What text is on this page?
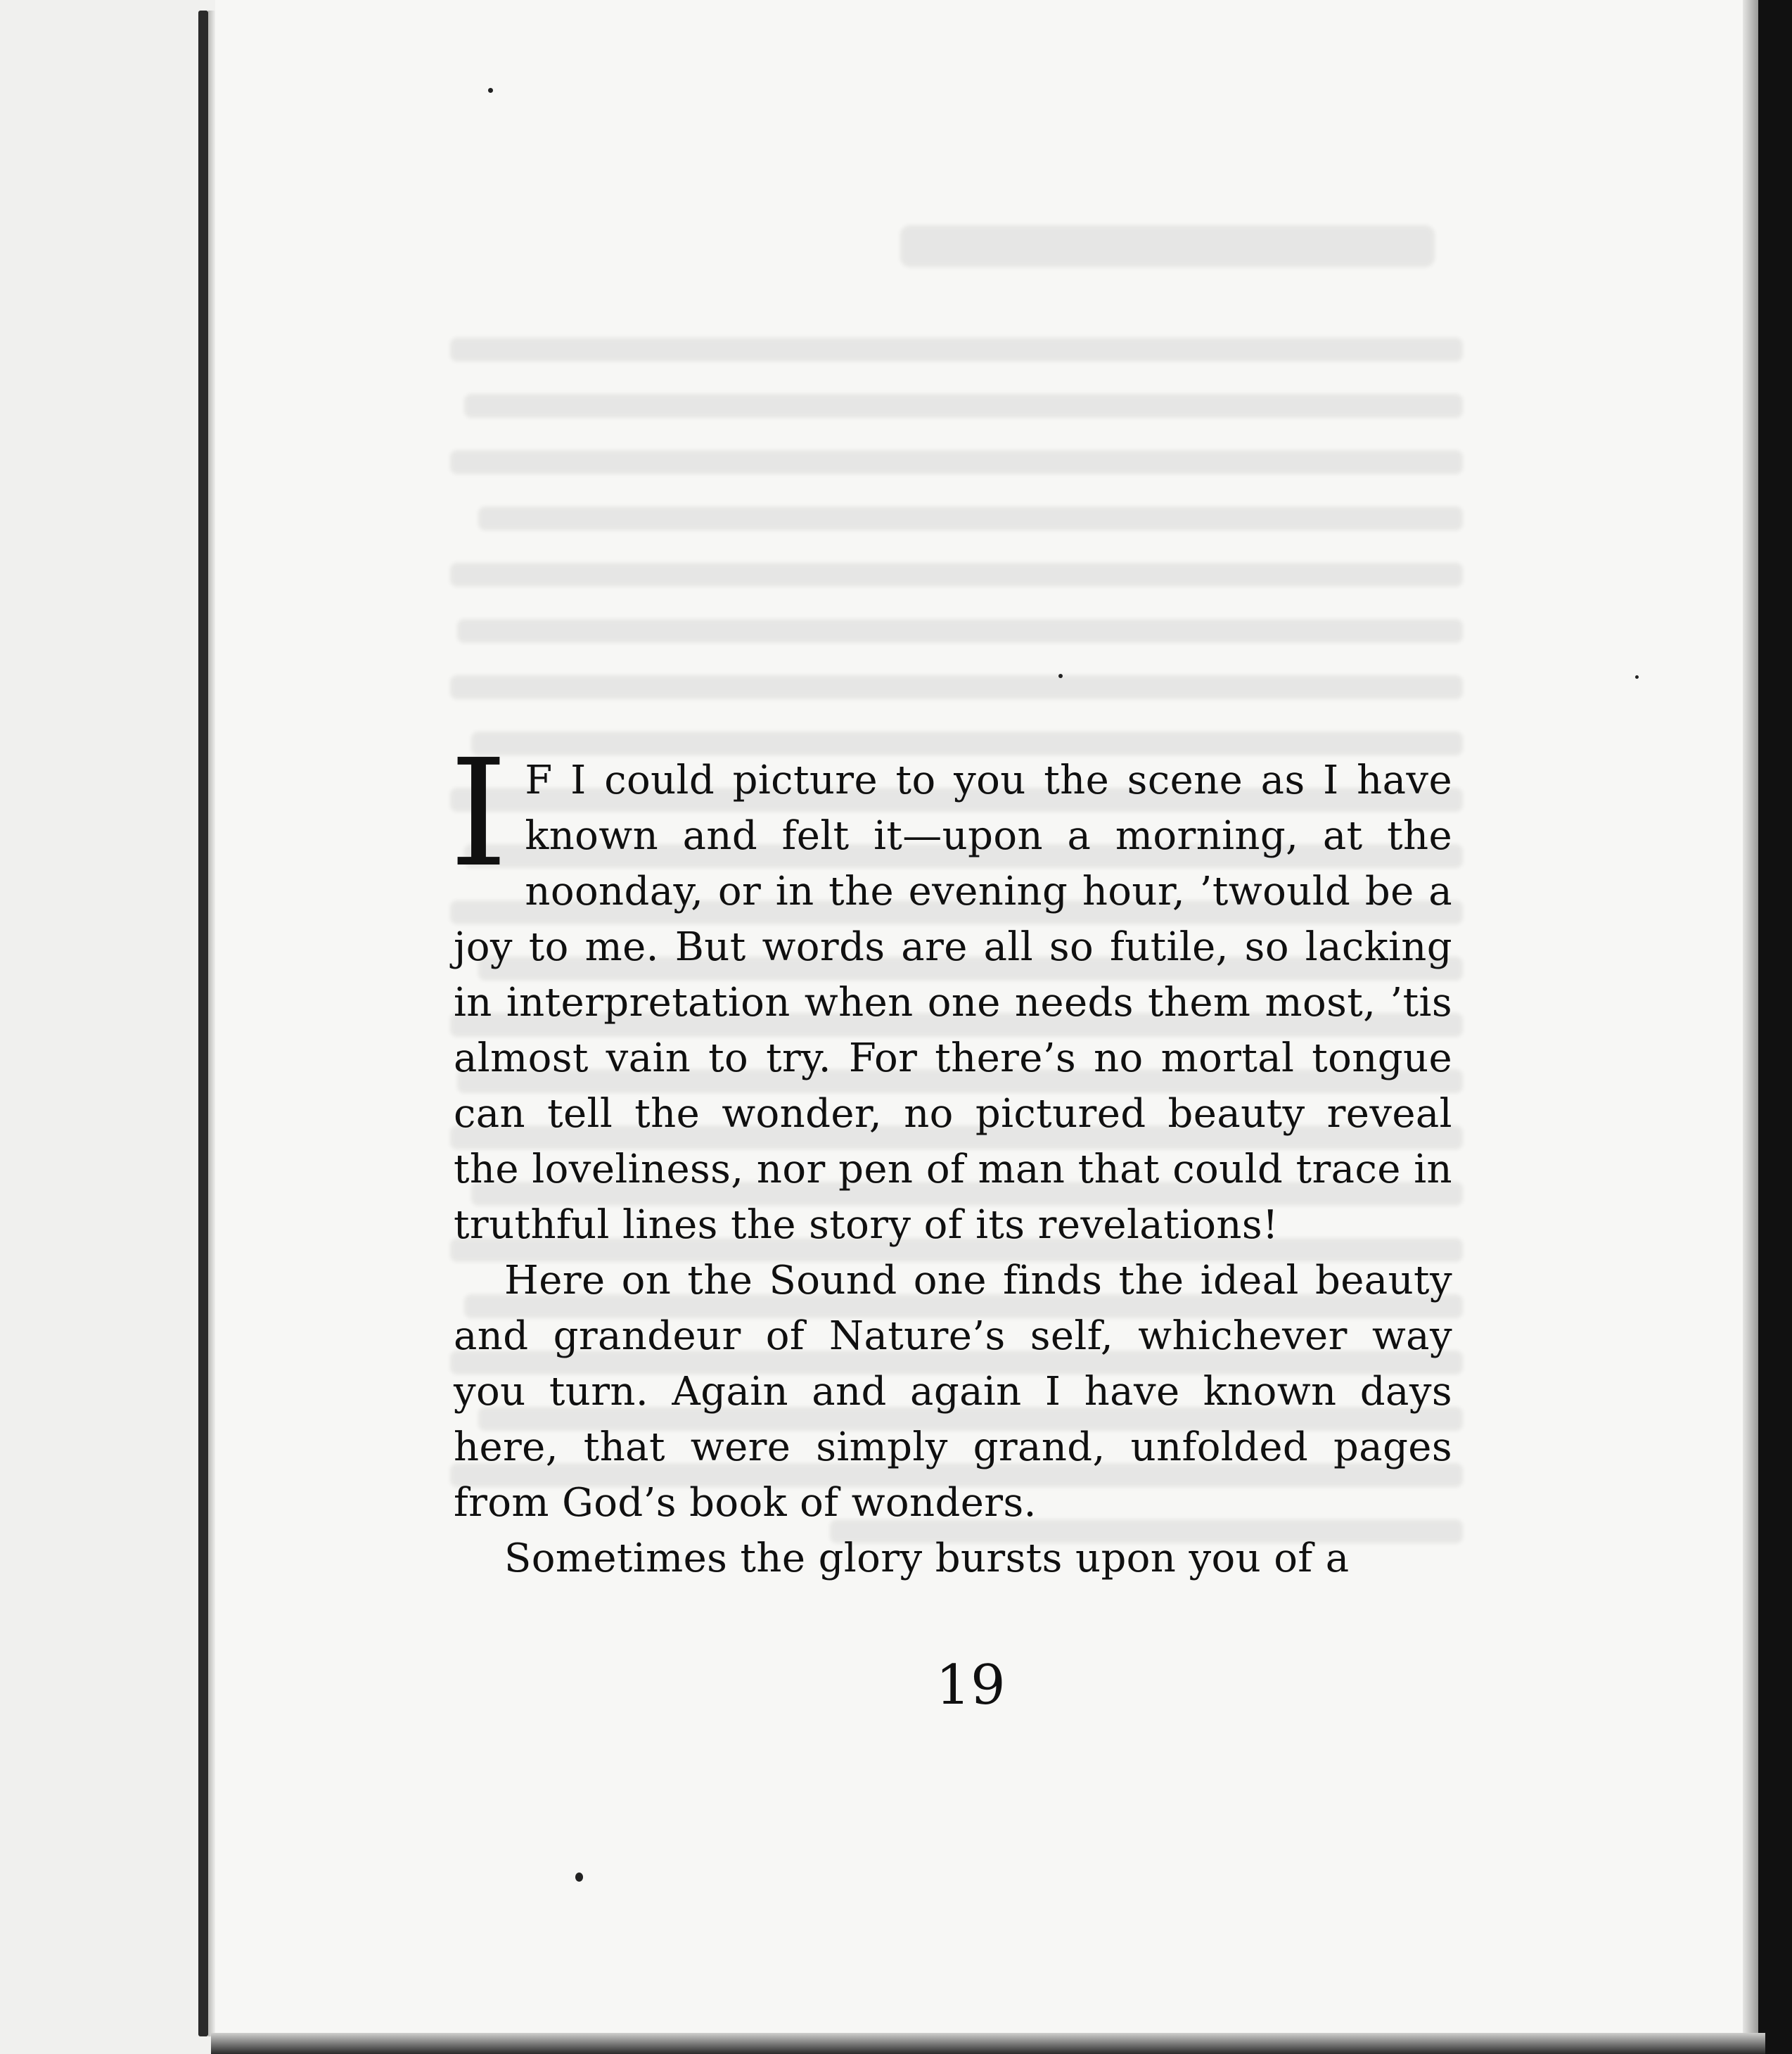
I F I could picture to you the scene as I have known and felt it—upon a morning, at the noonday, or in the evening hour, ’twould be a joy to me. But words are all so futile, so lacking in interpretation when one needs them most, ’tis almost vain to try. For there’s no mortal tongue can tell the wonder, no pictured beauty reveal the loveliness, nor pen of man that could trace in truthful lines the story of its revelations!

Here on the Sound one finds the ideal beauty and grandeur of Nature’s self, whichever way you turn. Again and again I have known days here, that were simply grand, unfolded pages from God’s book of wonders.

Sometimes the glory bursts upon you of a

19
